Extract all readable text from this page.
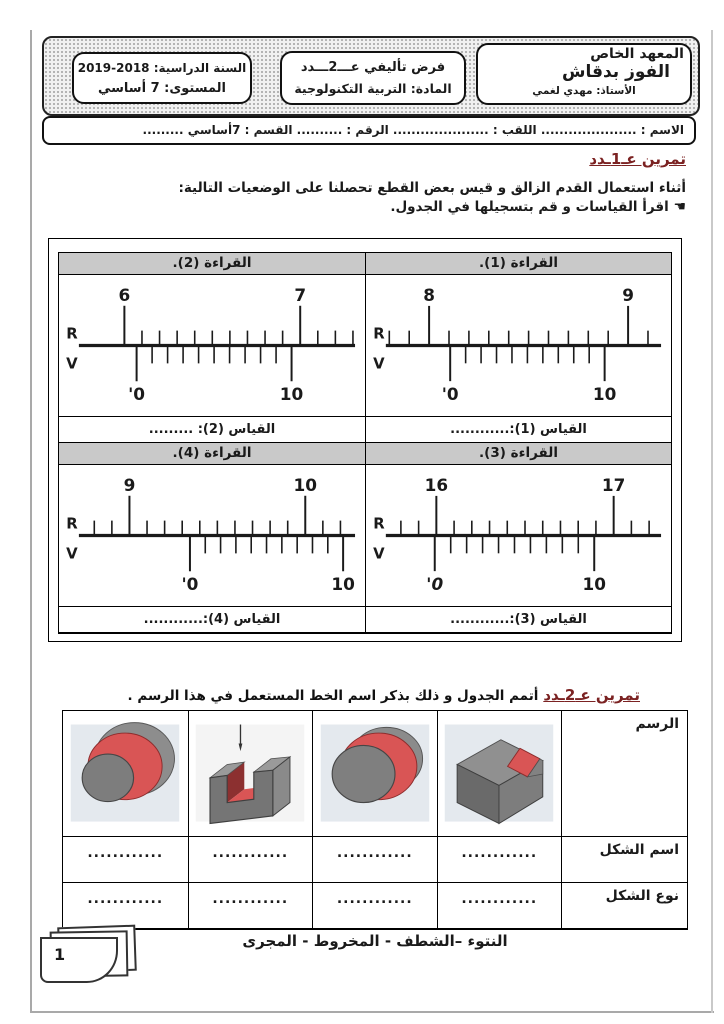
المعهد الخاص
الفوز بدقاش
الأستاذ: مهدي لغمي
فرض تأليفي عـــ2ـــدد
المادة: التربية التكنولوجية
السنة الدراسية: 2018-2019
المستوى: 7 أساسي
الاسم : ..................... اللقب : ..................... الرقم : .......... القسم : 7أساسي .........
تمرين عـ1ـدد
أثناء استعمال القدم الزالق و قيس بعض القطع تحصلنا على الوضعيات التالية:
☚ اقرأ القياسات و قم بتسجيلها في الجدول.
القراءة (1).
القراءة (2).
R
V
8	9
0'	10
R
V
6	7
0'	10
القياس (1):............
القياس (2): .........
القراءة (3).
القراءة (4).
R
V
16	17
0'	10
R
V
9	10
0'	10
القياس (3):............
القياس (4):............
تمرين عـ2ـدد أتمم الجدول و ذلك بذكر اسم الخط المستعمل في هذا الرسم .
الرسم
اسم الشكل
............
............
............
............
نوع الشكل
............
............
............
............
النتوء –الشطف - المخروط - المجرى
1
